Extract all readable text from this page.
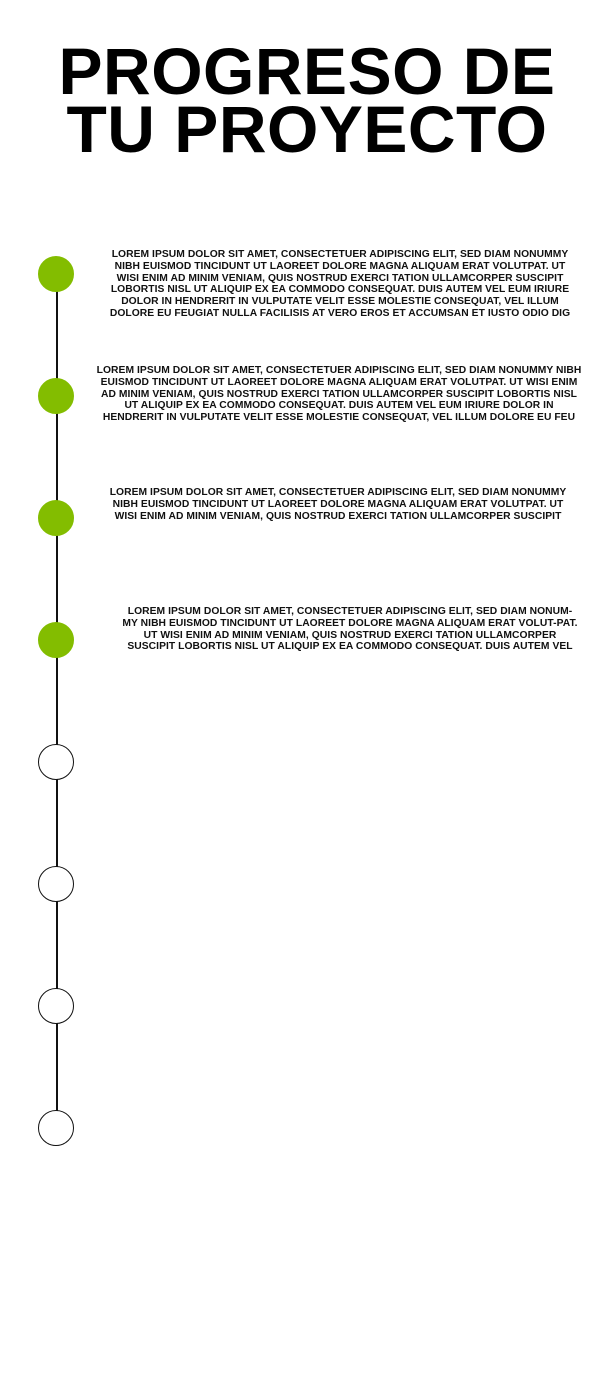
PROGRESO DE
TU PROYECTO

LOREM IPSUM DOLOR SIT AMET, CONSECTETUER ADIPISCING ELIT, SED DIAM NONUMMY NIBH EUISMOD TINCIDUNT UT LAOREET DOLORE MAGNA ALIQUAM ERAT VOLUTPAT. UT WISI ENIM AD MINIM VENIAM, QUIS NOSTRUD EXERCI TATION ULLAMCORPER SUSCIPIT LOBORTIS NISL UT ALIQUIP EX EA COMMODO CONSEQUAT. DUIS AUTEM VEL EUM IRIURE DOLOR IN HENDRERIT IN VULPUTATE VELIT ESSE MOLESTIE CONSEQUAT, VEL ILLUM DOLORE EU FEUGIAT NULLA FACILISIS AT VERO EROS ET ACCUMSAN ET IUSTO ODIO DIG

LOREM IPSUM DOLOR SIT AMET, CONSECTETUER ADIPISCING ELIT, SED DIAM NONUMMY NIBH EUISMOD TINCIDUNT UT LAOREET DOLORE MAGNA ALIQUAM ERAT VOLUTPAT. UT WISI ENIM AD MINIM VENIAM, QUIS NOSTRUD EXERCI TATION ULLAMCORPER SUSCIPIT LOBORTIS NISL UT ALIQUIP EX EA COMMODO CONSEQUAT. DUIS AUTEM VEL EUM IRIURE DOLOR IN HENDRERIT IN VULPUTATE VELIT ESSE MOLESTIE CONSEQUAT, VEL ILLUM DOLORE EU FEU

LOREM IPSUM DOLOR SIT AMET, CONSECTETUER ADIPISCING ELIT, SED DIAM NONUMMY NIBH EUISMOD TINCIDUNT UT LAOREET DOLORE MAGNA ALIQUAM ERAT VOLUTPAT. UT WISI ENIM AD MINIM VENIAM, QUIS NOSTRUD EXERCI TATION ULLAMCORPER SUSCIPIT

LOREM IPSUM DOLOR SIT AMET, CONSECTETUER ADIPISCING ELIT, SED DIAM NONUM-MY NIBH EUISMOD TINCIDUNT UT LAOREET DOLORE MAGNA ALIQUAM ERAT VOLUT-PAT. UT WISI ENIM AD MINIM VENIAM, QUIS NOSTRUD EXERCI TATION ULLAMCORPER SUSCIPIT LOBORTIS NISL UT ALIQUIP EX EA COMMODO CONSEQUAT. DUIS AUTEM VEL
